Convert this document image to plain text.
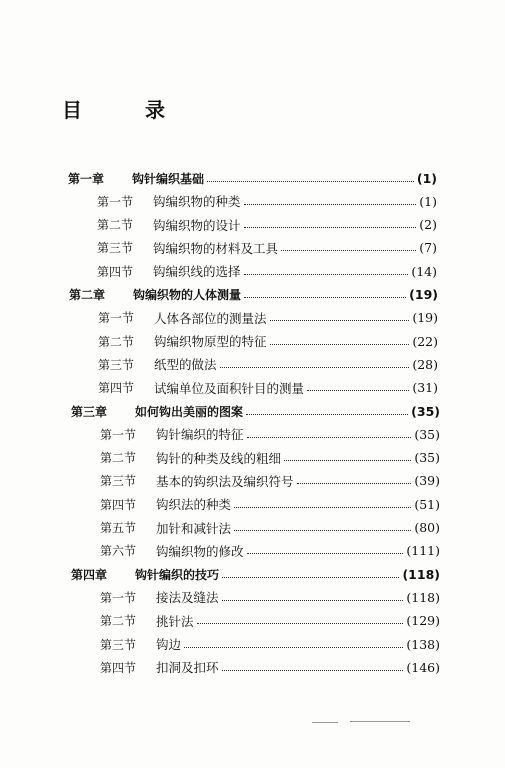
目 录
第一章	钩针编织基础	(1)
第一节	钩编织物的种类	(1)
第二节	钩编织物的设计	(2)
第三节	钩编织物的材料及工具	(7)
第四节	钩编织线的选择	(14)
第二章	钩编织物的人体测量	(19)
第一节	人体各部位的测量法	(19)
第二节	钩编织物原型的特征	(22)
第三节	纸型的做法	(28)
第四节	试编单位及面积针目的测量	(31)
第三章	如何钩出美丽的图案	(35)
第一节	钩针编织的特征	(35)
第二节	钩针的种类及线的粗细	(35)
第三节	基本的钩织法及编织符号	(39)
第四节	钩织法的种类	(51)
第五节	加针和减针法	(80)
第六节	钩编织物的修改	(111)
第四章	钩针编织的技巧	(118)
第一节	接法及缝法	(118)
第二节	挑针法	(129)
第三节	钩边	(138)
第四节	扣洞及扣环	(146)
